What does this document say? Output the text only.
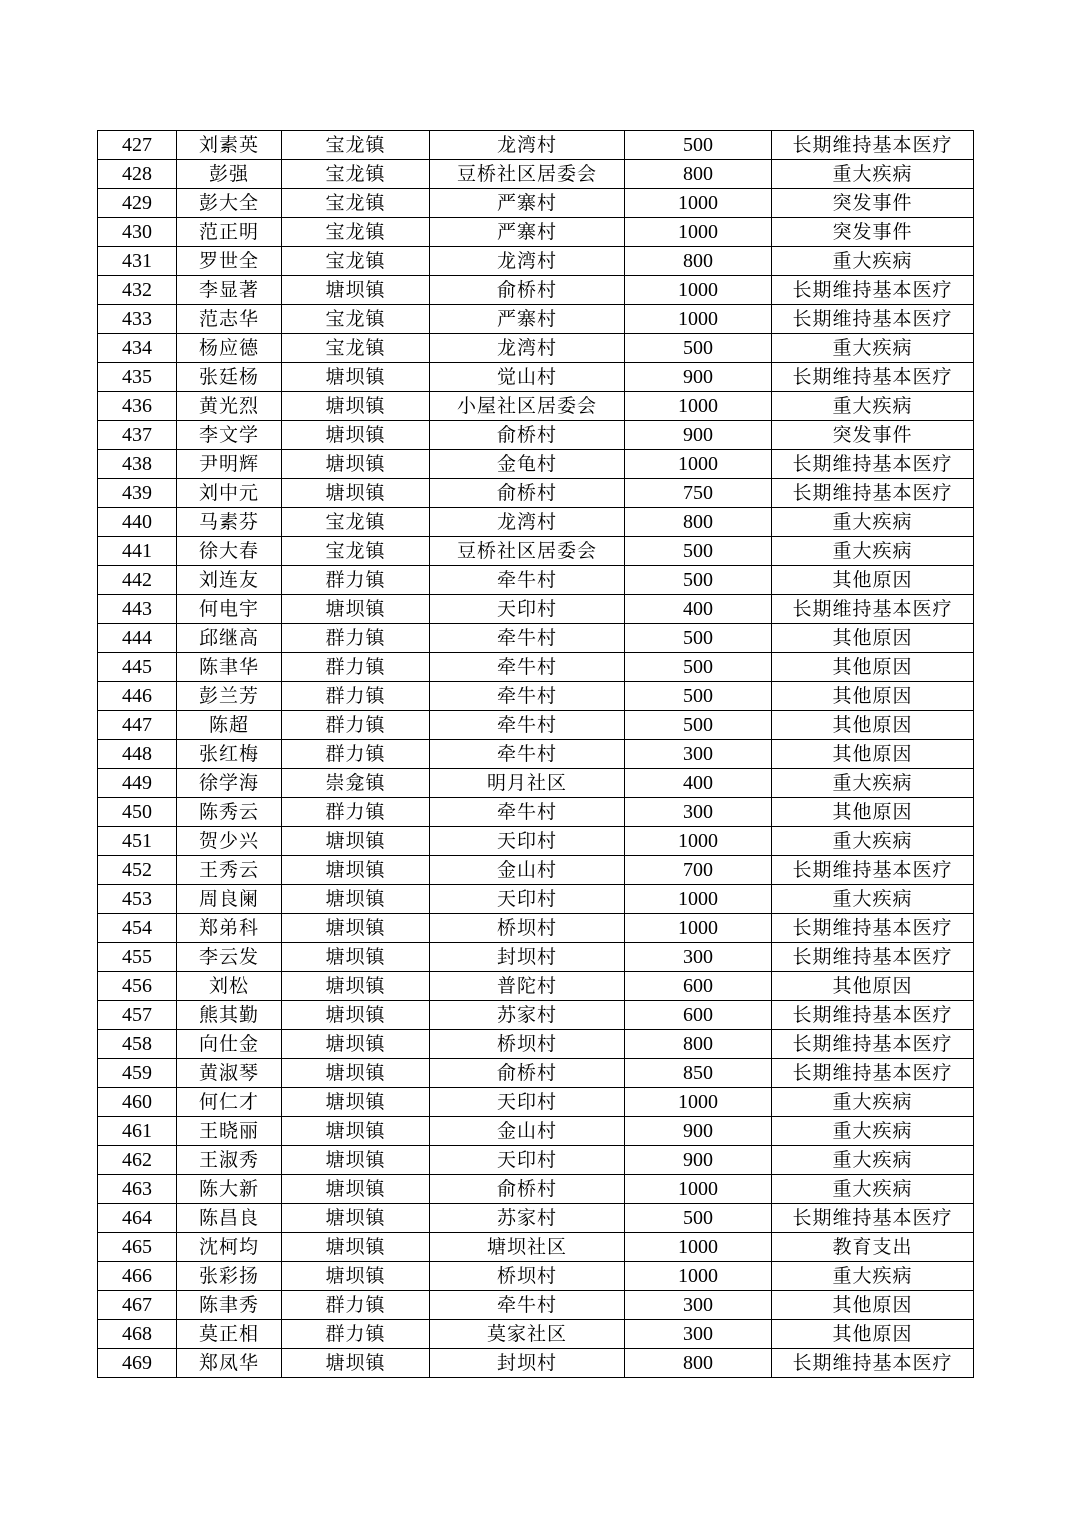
427	刘素英	宝龙镇	龙湾村	500	长期维持基本医疗
428	彭强	宝龙镇	豆桥社区居委会	800	重大疾病
429	彭大全	宝龙镇	严寨村	1000	突发事件
430	范正明	宝龙镇	严寨村	1000	突发事件
431	罗世全	宝龙镇	龙湾村	800	重大疾病
432	李显著	塘坝镇	俞桥村	1000	长期维持基本医疗
433	范志华	宝龙镇	严寨村	1000	长期维持基本医疗
434	杨应德	宝龙镇	龙湾村	500	重大疾病
435	张廷杨	塘坝镇	觉山村	900	长期维持基本医疗
436	黄光烈	塘坝镇	小屋社区居委会	1000	重大疾病
437	李文学	塘坝镇	俞桥村	900	突发事件
438	尹明辉	塘坝镇	金龟村	1000	长期维持基本医疗
439	刘中元	塘坝镇	俞桥村	750	长期维持基本医疗
440	马素芬	宝龙镇	龙湾村	800	重大疾病
441	徐大春	宝龙镇	豆桥社区居委会	500	重大疾病
442	刘连友	群力镇	牵牛村	500	其他原因
443	何电宇	塘坝镇	天印村	400	长期维持基本医疗
444	邱继高	群力镇	牵牛村	500	其他原因
445	陈聿华	群力镇	牵牛村	500	其他原因
446	彭兰芳	群力镇	牵牛村	500	其他原因
447	陈超	群力镇	牵牛村	500	其他原因
448	张红梅	群力镇	牵牛村	300	其他原因
449	徐学海	崇龛镇	明月社区	400	重大疾病
450	陈秀云	群力镇	牵牛村	300	其他原因
451	贺少兴	塘坝镇	天印村	1000	重大疾病
452	王秀云	塘坝镇	金山村	700	长期维持基本医疗
453	周良阑	塘坝镇	天印村	1000	重大疾病
454	郑弟科	塘坝镇	桥坝村	1000	长期维持基本医疗
455	李云发	塘坝镇	封坝村	300	长期维持基本医疗
456	刘松	塘坝镇	普陀村	600	其他原因
457	熊其勤	塘坝镇	苏家村	600	长期维持基本医疗
458	向仕金	塘坝镇	桥坝村	800	长期维持基本医疗
459	黄淑琴	塘坝镇	俞桥村	850	长期维持基本医疗
460	何仁才	塘坝镇	天印村	1000	重大疾病
461	王晓丽	塘坝镇	金山村	900	重大疾病
462	王淑秀	塘坝镇	天印村	900	重大疾病
463	陈大新	塘坝镇	俞桥村	1000	重大疾病
464	陈昌良	塘坝镇	苏家村	500	长期维持基本医疗
465	沈柯均	塘坝镇	塘坝社区	1000	教育支出
466	张彩扬	塘坝镇	桥坝村	1000	重大疾病
467	陈聿秀	群力镇	牵牛村	300	其他原因
468	莫正相	群力镇	莫家社区	300	其他原因
469	郑凤华	塘坝镇	封坝村	800	长期维持基本医疗
